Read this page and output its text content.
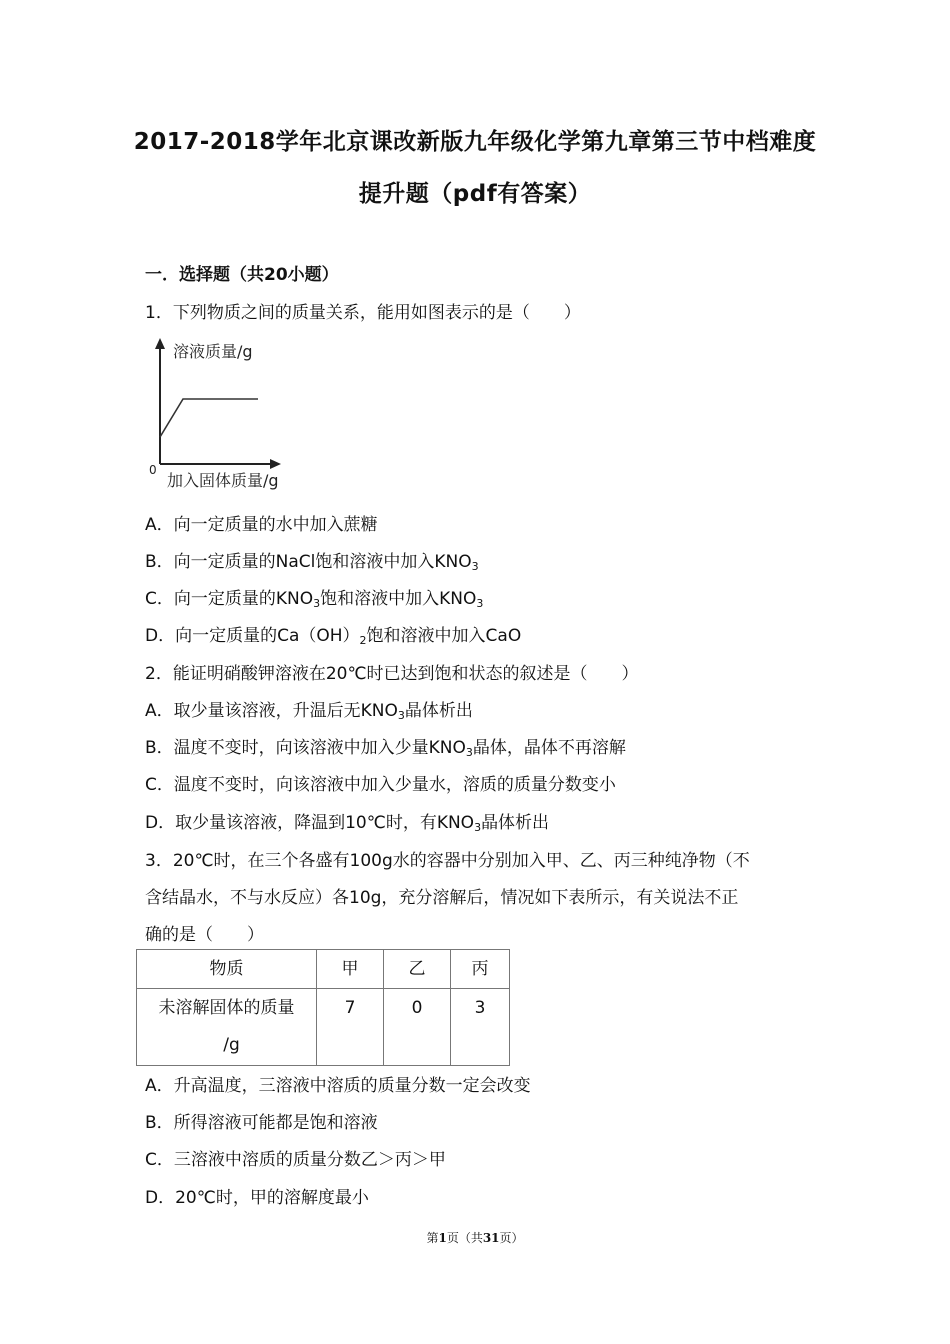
2017-2018学年北京课改新版九年级化学第九章第三节中档难度
提升题（pdf有答案）
一．选择题（共20小题）
1．下列物质之间的质量关系，能用如图表示的是（　　）
溶液质量/g
0
加入固体质量/g
A．向一定质量的水中加入蔗糖
B．向一定质量的NaCl饱和溶液中加入$KNO_3$
C．向一定质量的$KNO_3$饱和溶液中加入$KNO_3$
D．向一定质量的$Ca(OH)_2$饱和溶液中加入CaO
2．能证明硝酸钾溶液在20℃时已达到饱和状态的叙述是（　　）
A．取少量该溶液，升温后无$KNO_3$晶体析出
B．温度不变时，向该溶液中加入少量$KNO_3$晶体，晶体不再溶解
C．温度不变时，向该溶液中加入少量水，溶质的质量分数变小
D．取少量该溶液，降温到10℃时，有$KNO_3$晶体析出
3．20℃时，在三个各盛有100g水的容器中分别加入甲、乙、丙三种纯净物（不
含结晶水，不与水反应）各10g，充分溶解后，情况如下表所示，有关说法不正
确的是（　　）
物质	甲	乙	丙

未溶解固体的质量
/g	7	0	3
A．升高温度，三溶液中溶质的质量分数一定会改变
B．所得溶液可能都是饱和溶液
C．三溶液中溶质的质量分数乙＞丙＞甲
D．20℃时，甲的溶解度最小
第1页（共31页）
